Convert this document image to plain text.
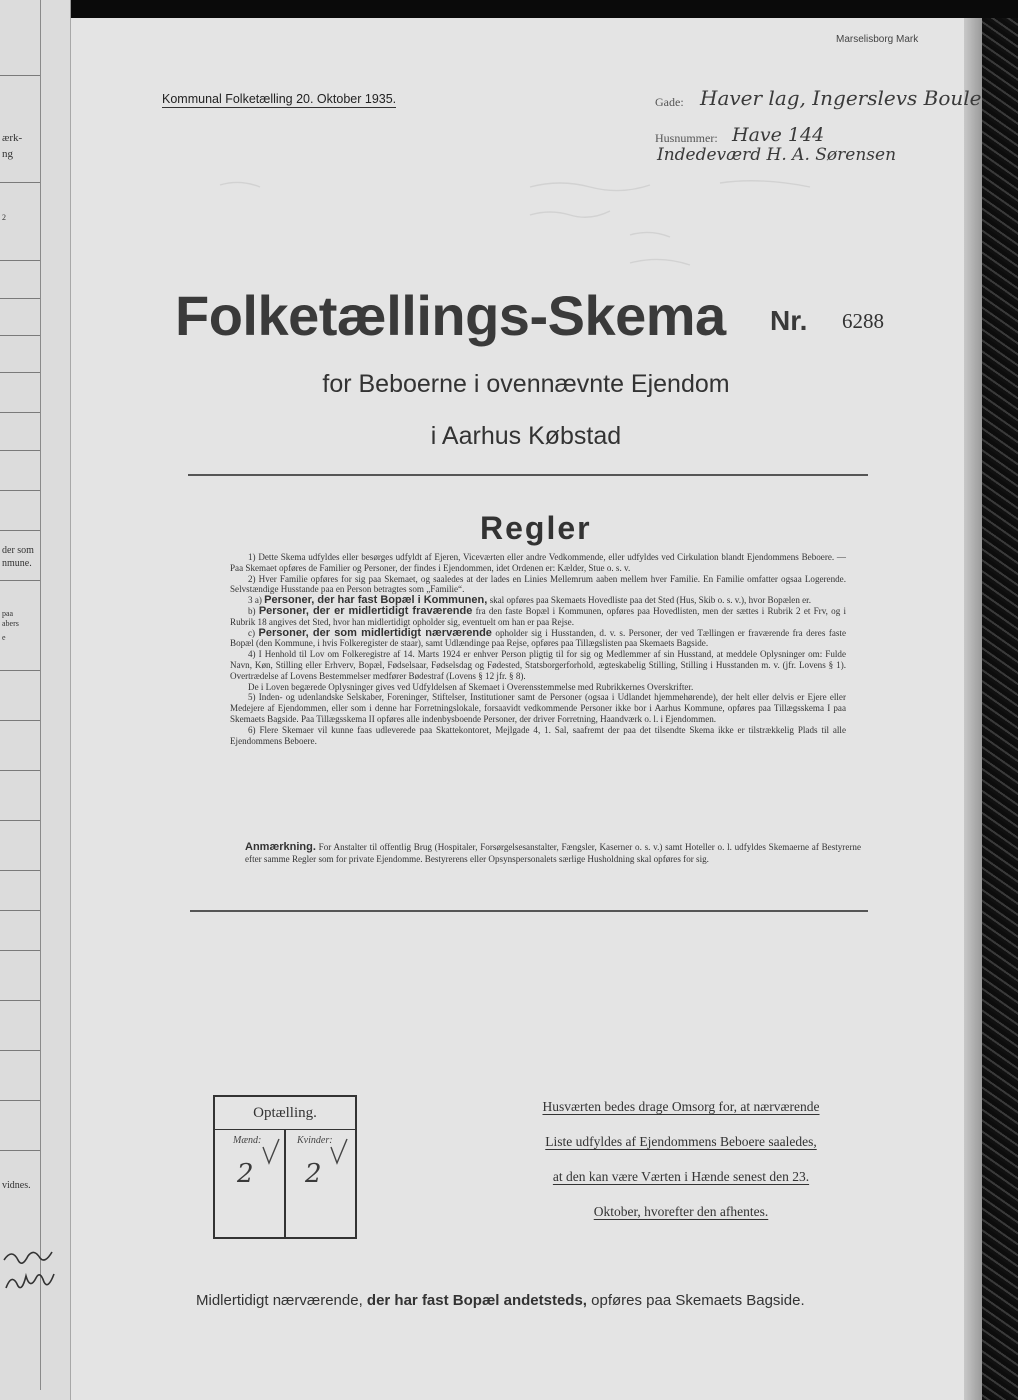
ærk-
ng
2
der som
nmune.
paa
abers
e
vidnes.
Marselisborg Mark
Kommunal Folketælling 20. Oktober 1935.	Gade: Haver lag, Ingerslevs Boule
Husnummer: Have 144
Indedeværd H. A. Sørensen
Folketællings-Skema Nr. 6288
for Beboerne i ovennævnte Ejendom
i Aarhus Købstad
Regler

1) Dette Skema udfyldes eller besørges udfyldt af Ejeren, Viceværten eller andre Vedkommende, eller udfyldes ved Cirkulation blandt Ejendommens Beboere. — Paa Skemaet opføres de Familier og Personer, der findes i Ejendommen, idet Ordenen er: Kælder, Stue o. s. v.

2) Hver Familie opføres for sig paa Skemaet, og saaledes at der lades en Linies Mellemrum aaben mellem hver Familie. En Familie omfatter ogsaa Logerende. Selvstændige Husstande paa en Person betragtes som „Familie“.

3 a) Personer, der har fast Bopæl i Kommunen, skal opføres paa Skemaets Hovedliste paa det Sted (Hus, Skib o. s. v.), hvor Bopælen er.

b) Personer, der er midlertidigt fraværende fra den faste Bopæl i Kommunen, opføres paa Hovedlisten, men der sættes i Rubrik 2 et Frv, og i Rubrik 18 angives det Sted, hvor han midlertidigt opholder sig, eventuelt om han er paa Rejse.

c) Personer, der som midlertidigt nærværende opholder sig i Husstanden, d. v. s. Personer, der ved Tællingen er fraværende fra deres faste Bopæl (den Kommune, i hvis Folkeregister de staar), samt Udlændinge paa Rejse, opføres paa Tillægslisten paa Skemaets Bagside.

4) I Henhold til Lov om Folkeregistre af 14. Marts 1924 er enhver Person pligtig til for sig og Medlemmer af sin Husstand, at meddele Oplysninger om: Fulde Navn, Køn, Stilling eller Erhverv, Bopæl, Fødselsaar, Fødselsdag og Fødested, Statsborgerforhold, ægteskabelig Stilling, Stilling i Husstanden m. v. (jfr. Lovens § 1). Overtrædelse af Lovens Bestemmelser medfører Bødestraf (Lovens § 12 jfr. § 8).

De i Loven begærede Oplysninger gives ved Udfyldelsen af Skemaet i Overensstemmelse med Rubrikkernes Overskrifter.

5) Inden- og udenlandske Selskaber, Foreninger, Stiftelser, Institutioner samt de Personer (ogsaa i Udlandet hjemmehørende), der helt eller delvis er Ejere eller Medejere af Ejendommen, eller som i denne har Forretningslokale, forsaavidt vedkommende Personer ikke bor i Aarhus Kommune, opføres paa Tillægsskema I paa Skemaets Bagside. Paa Tillægsskema II opføres alle indenbysboende Personer, der driver Forretning, Haandværk o. l. i Ejendommen.

6) Flere Skemaer vil kunne faas udleverede paa Skattekontoret, Mejlgade 4, 1. Sal, saafremt der paa det tilsendte Skema ikke er tilstrækkelig Plads til alle Ejendommens Beboere.

Anmærkning. For Anstalter til offentlig Brug (Hospitaler, Forsørgelsesanstalter, Fængsler, Kaserner o. s. v.) samt Hoteller o. l. udfyldes Skemaerne af Bestyrerne efter samme Regler som for private Ejendomme. Bestyrerens eller Opsynspersonalets særlige Husholdning skal opføres for sig.
Optælling.
Mænd:	Kvinder:
2 2
Husværten bedes drage Omsorg for, at nærværende
Liste udfyldes af Ejendommens Beboere saaledes,
at den kan være Værten i Hænde senest den 23.
Oktober, hvorefter den afhentes.
Midlertidigt nærværende, der har fast Bopæl andetsteds, opføres paa Skemaets Bagside.
